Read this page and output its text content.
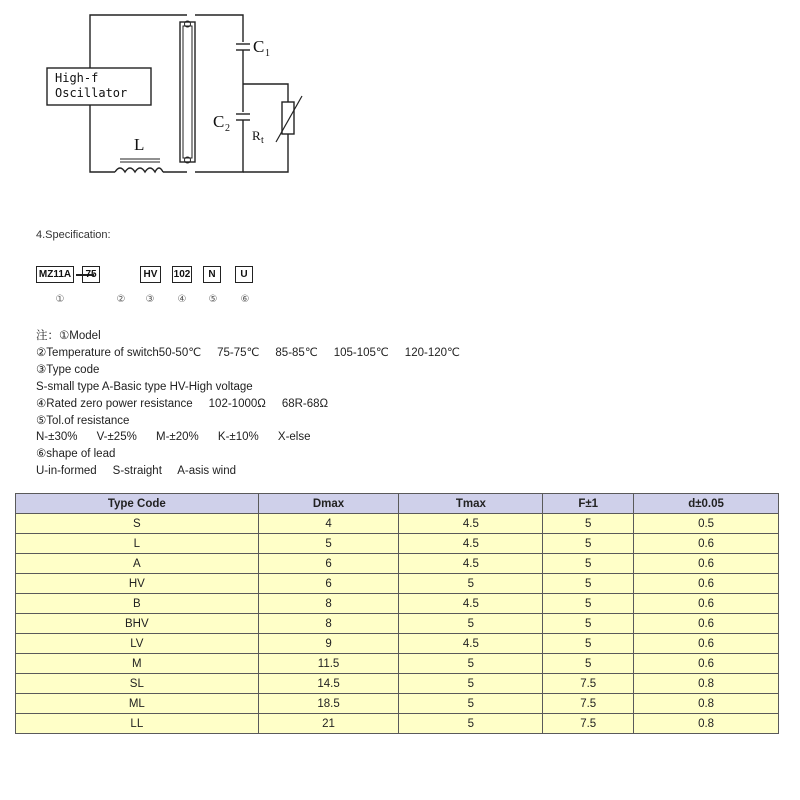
High-f
Oscillator
L
C 1
C 2 R t
4.Specification:
MZ11A	75	HV	102	N	U
①	②	③	④	⑤	⑥
注：①Model
②Temperature of switch50-50℃     75-75℃     85-85℃     105-105℃     120-120℃
③Type code
S-small type A-Basic type HV-High voltage
④Rated zero power resistance     102-1000Ω     68R-68Ω
⑤Tol.of resistance
N-±30%      V-±25%      M-±20%      K-±10%      X-else
⑥shape of lead
U-in-formed     S-straight     A-asis wind
Type Code	Dmax	Tmax	F±1	d±0.05
S	4	4.5	5	0.5
L	5	4.5	5	0.6
A	6	4.5	5	0.6
HV	6	5	5	0.6
B	8	4.5	5	0.6
BHV	8	5	5	0.6
LV	9	4.5	5	0.6
M	11.5	5	5	0.6
SL	14.5	5	7.5	0.8
ML	18.5	5	7.5	0.8
LL	21	5	7.5	0.8
